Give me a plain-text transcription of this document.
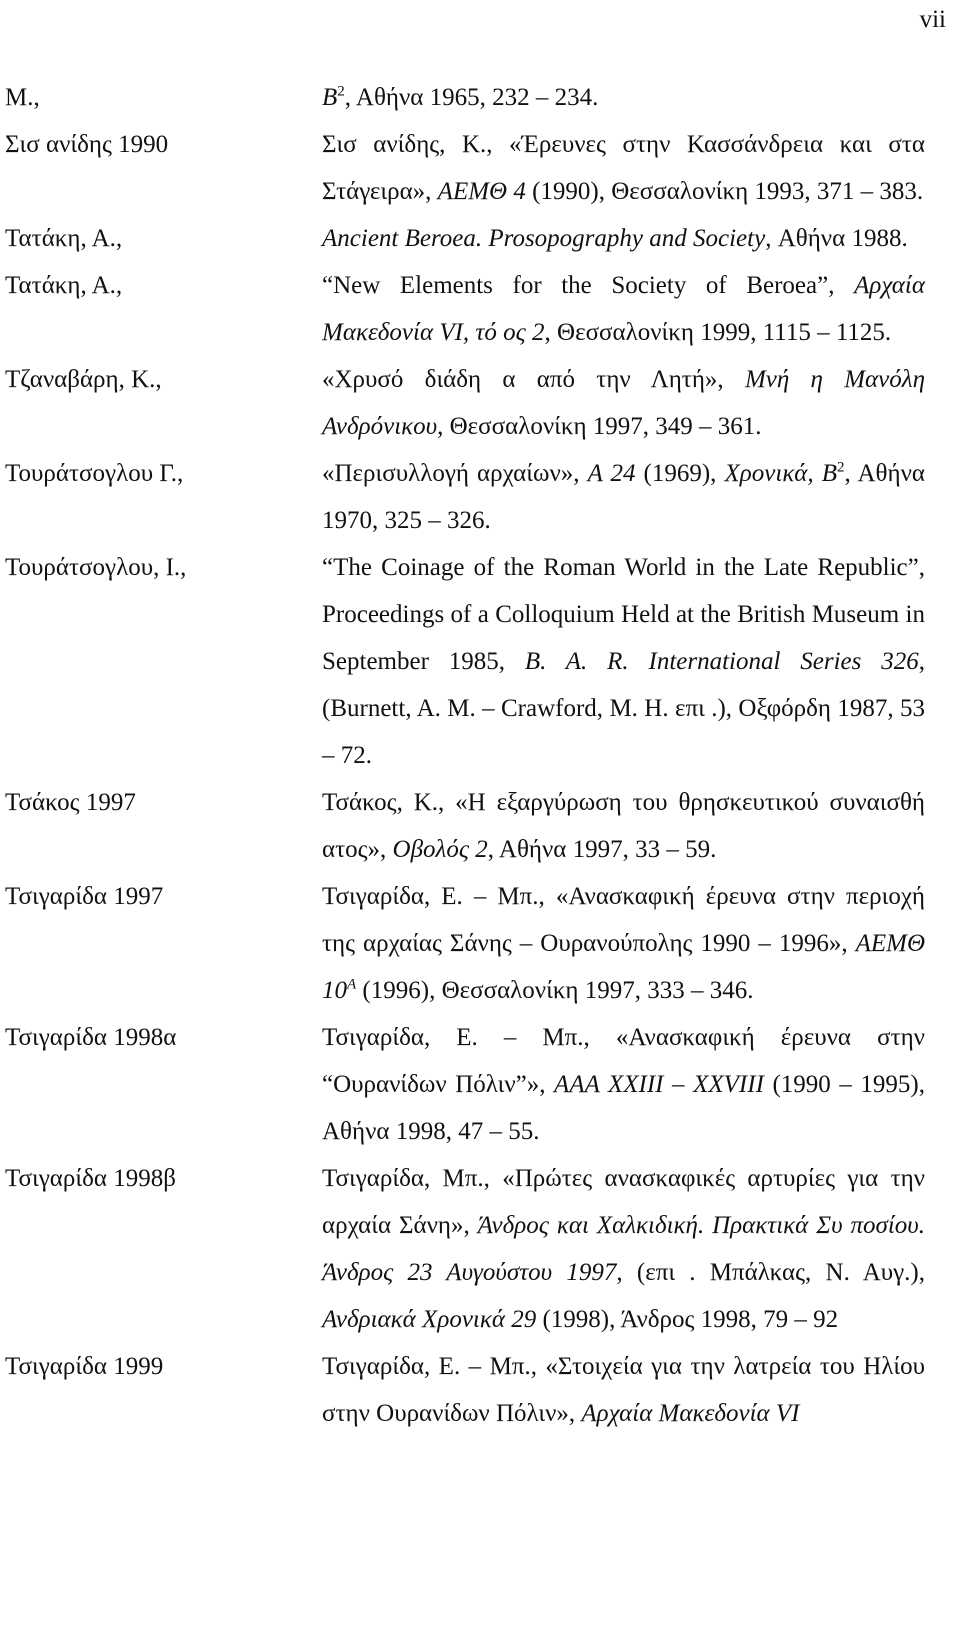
vii
Μ.,	$B^2$, Αθήνα 1965, 232 – 234.
Σισ ανίδης 1990	Σισ ανίδης, Κ., «Έρευνες στην Κασσάνδρεια και στα Στάγειρα», ΑΕΜΘ 4 (1990), Θεσσαλονίκη 1993, 371 – 383.
Τατάκη, Α.,	Ancient Beroea. Prosopography and Society, Αθήνα 1988.
Τατάκη, Α.,	“New Elements for the Society of Beroea”, Αρχαία Μακεδονία VI, τό ος 2, Θεσσαλονίκη 1999, 1115 – 1125.
Τζαναβάρη, Κ.,	«Χρυσό διάδη α από την Λητή», Μνή η Μανόλη Ανδρόνικου, Θεσσαλονίκη 1997, 349 – 361.
Τουράτσογλου Γ.,	«Περισυλλογή αρχαίων», Α 24 (1969), Χρονικά, $B^2$, Αθήνα 1970, 325 – 326.
Τουράτσογλου, Ι.,	“The Coinage of the Roman World in the Late Republic”, Proceedings of a Colloquium Held at the British Museum in September 1985, B. A. R. International Series 326, (Burnett, A. M. – Crawford, M. H. επι .), Οξφόρδη 1987, 53 – 72.
Τσάκος 1997	Τσάκος, Κ., «Η εξαργύρωση του θρησκευτικού συναισθή ατος», Οβολός 2, Αθήνα 1997, 33 – 59.
Τσιγαρίδα 1997	Τσιγαρίδα, Ε. – Μπ., «Ανασκαφική έρευνα στην περιοχή της αρχαίας Σάνης – Ουρανούπολης 1990 – 1996», ΑΕΜΘ $10^A$ (1996), Θεσσαλονίκη 1997, 333 – 346.
Τσιγαρίδα 1998α	Τσιγαρίδα, Ε. – Μπ., «Ανασκαφική έρευνα στην “Ουρανίδων Πόλιν”», ΑΑΑ XXIII – XXVIII (1990 – 1995), Αθήνα 1998, 47 – 55.
Τσιγαρίδα 1998β	Τσιγαρίδα, Μπ., «Πρώτες ανασκαφικές αρτυρίες για την αρχαία Σάνη», Άνδρος και Χαλκιδική. Πρακτικά Συ ποσίου. Άνδρος 23 Αυγούστου 1997, (επι . Μπάλκας, Ν. Αυγ.), Ανδριακά Χρονικά 29 (1998), Άνδρος 1998, 79 – 92
Τσιγαρίδα 1999	Τσιγαρίδα, Ε. – Μπ., «Στοιχεία για την λατρεία του Ηλίου στην Ουρανίδων Πόλιν», Αρχαία Μακεδονία VI
